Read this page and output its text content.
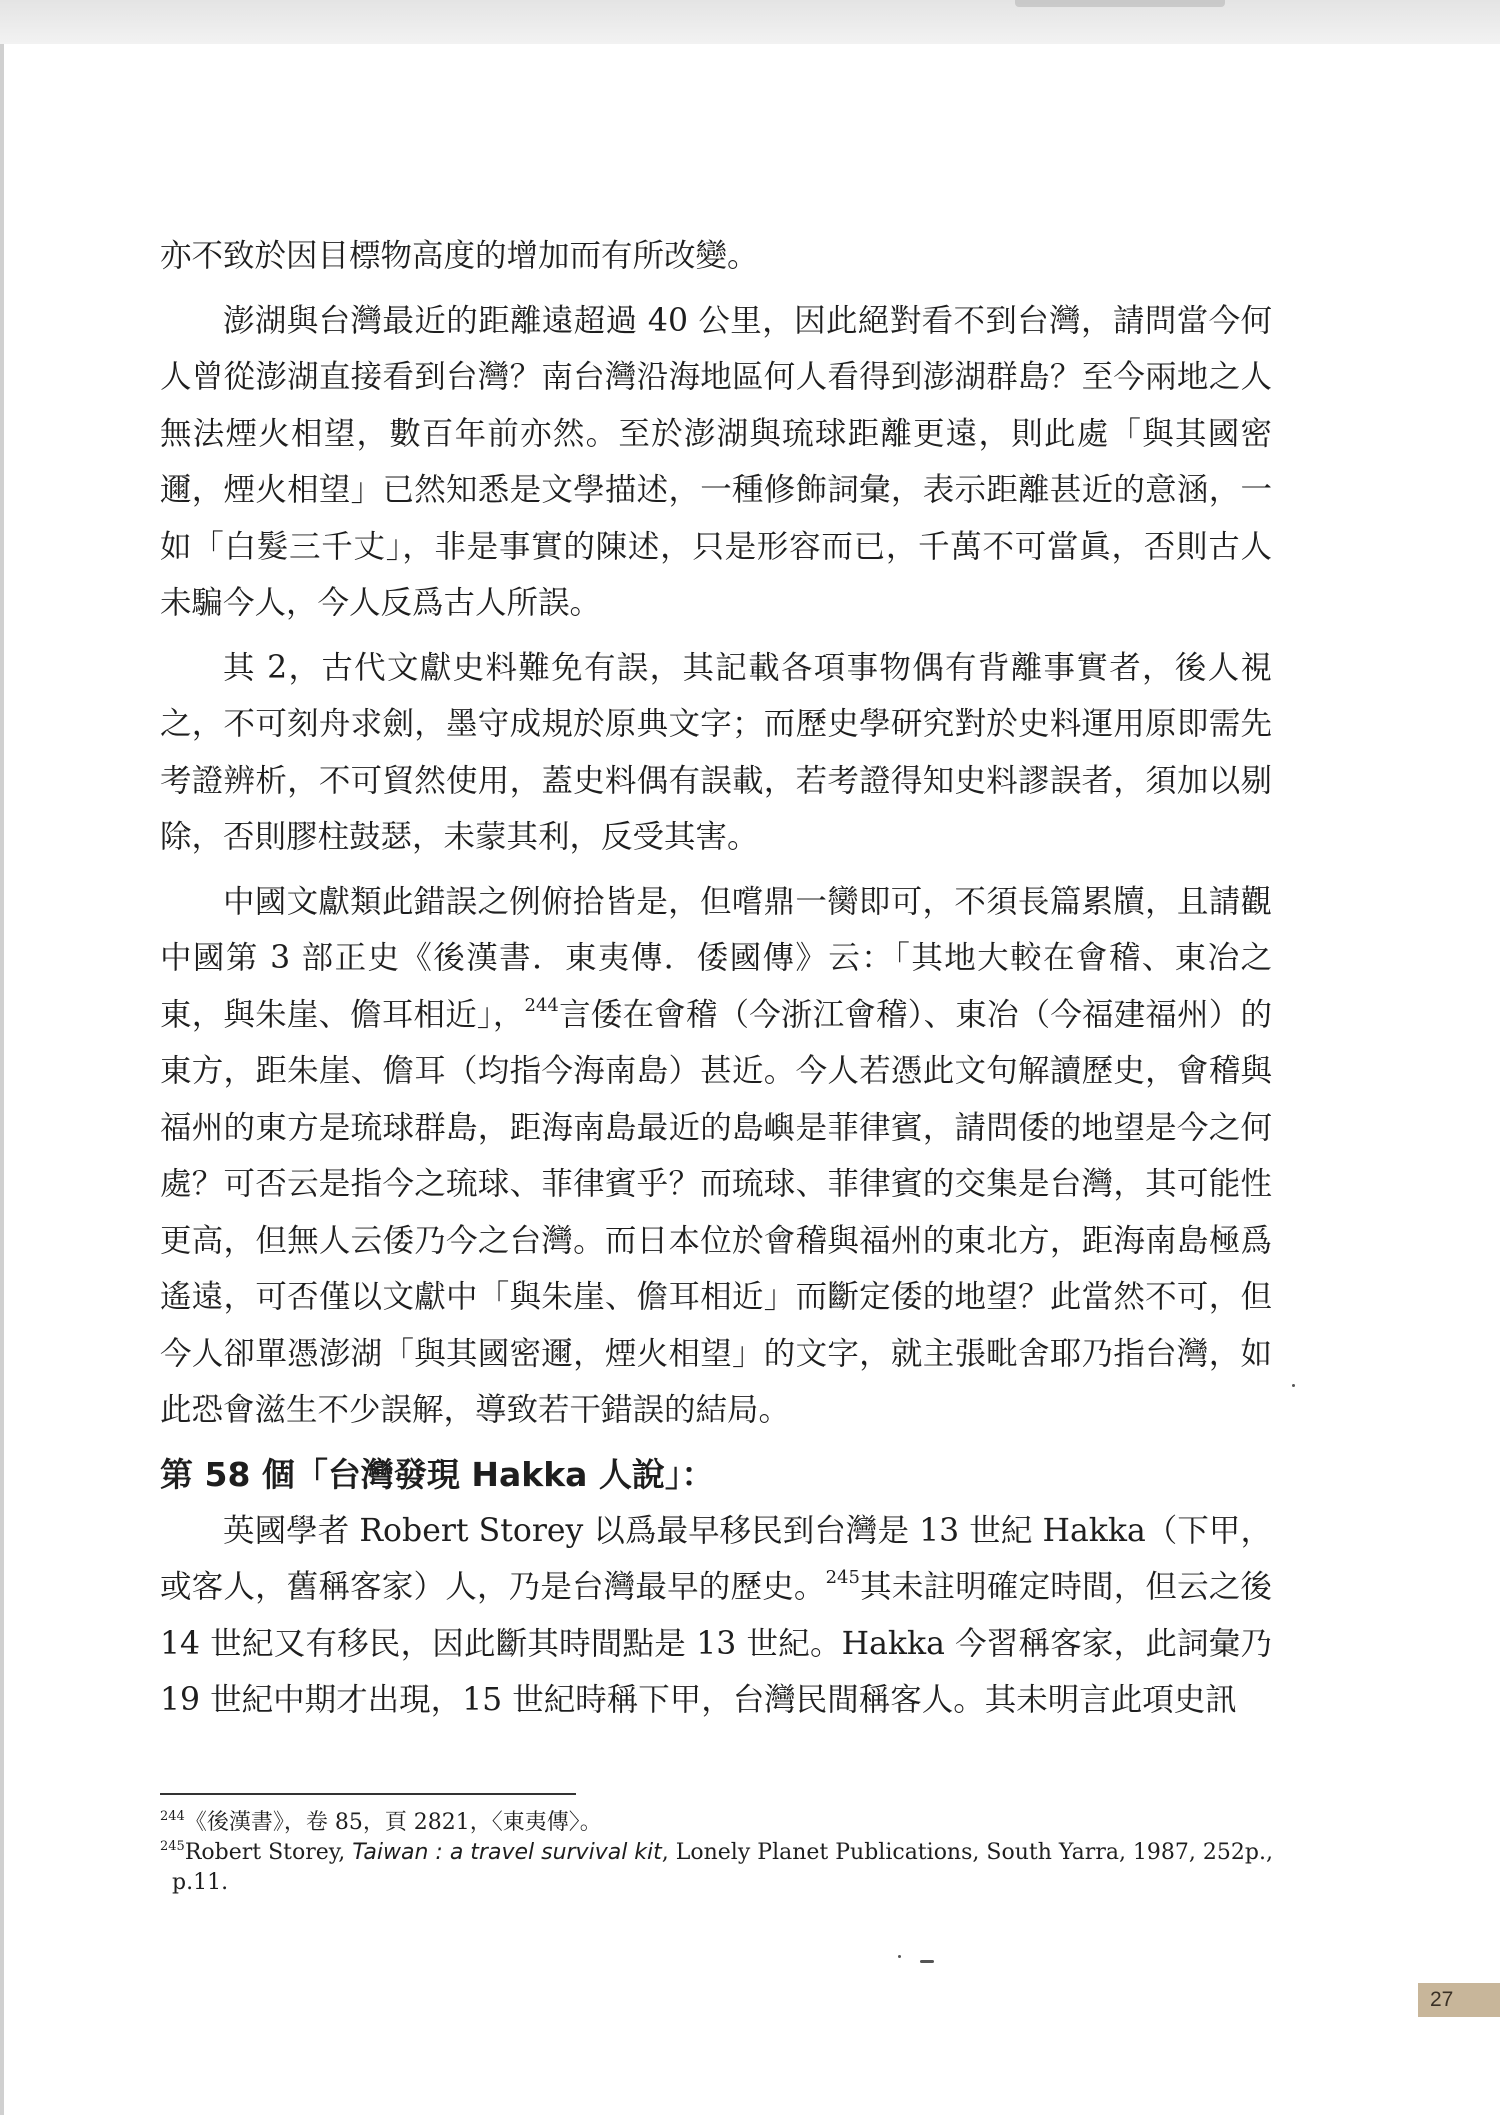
亦不致於因目標物高度的增加而有所改變。

澎湖與台灣最近的距離遠超過 40 公里，因此絕對看不到台灣，請問當今何人曾從澎湖直接看到台灣？南台灣沿海地區何人看得到澎湖群島？至今兩地之人無法煙火相望，數百年前亦然。至於澎湖與琉球距離更遠，則此處「與其國密邇，煙火相望」已然知悉是文學描述，一種修飾詞彙，表示距離甚近的意涵，一如「白髮三千丈」，非是事實的陳述，只是形容而已，千萬不可當眞，否則古人未騙今人，今人反爲古人所誤。

其 2，古代文獻史料難免有誤，其記載各項事物偶有背離事實者，後人視之，不可刻舟求劍，墨守成規於原典文字；而歷史學研究對於史料運用原即需先考證辨析，不可貿然使用，蓋史料偶有誤載，若考證得知史料謬誤者，須加以剔除，否則膠柱鼓瑟，未蒙其利，反受其害。

中國文獻類此錯誤之例俯拾皆是，但嚐鼎一臠即可，不須長篇累牘，且請觀中國第 3 部正史《後漢書．東夷傳．倭國傳》云：「其地大較在會稽、東冶之東，與朱崖、儋耳相近」，$^{244}$言倭在會稽（今浙江會稽）、東冶（今福建福州）的東方，距朱崖、儋耳（均指今海南島）甚近。今人若憑此文句解讀歷史，會稽與福州的東方是琉球群島，距海南島最近的島嶼是菲律賓，請問倭的地望是今之何處？可否云是指今之琉球、菲律賓乎？而琉球、菲律賓的交集是台灣，其可能性更高，但無人云倭乃今之台灣。而日本位於會稽與福州的東北方，距海南島極爲遙遠，可否僅以文獻中「與朱崖、儋耳相近」而斷定倭的地望？此當然不可，但今人卻單憑澎湖「與其國密邇，煙火相望」的文字，就主張毗舍耶乃指台灣，如此恐會滋生不少誤解，導致若干錯誤的結局。

第 58 個「台灣發現 Hakka 人說」：

英國學者 Robert Storey 以爲最早移民到台灣是 13 世紀 Hakka（下甲，或客人，舊稱客家）人，乃是台灣最早的歷史。$^{245}$其未註明確定時間，但云之後 14 世紀又有移民，因此斷其時間點是 13 世紀。Hakka 今習稱客家，此詞彙乃 19 世紀中期才出現，15 世紀時稱下甲，台灣民間稱客人。其未明言此項史訊

$^{244}$《後漢書》，卷 85，頁 2821，〈東夷傳〉。

$^{245}$Robert Storey, Taiwan : a travel survival kit, Lonely Planet Publications, South Yarra, 1987, 252p.,

p.11.

27
